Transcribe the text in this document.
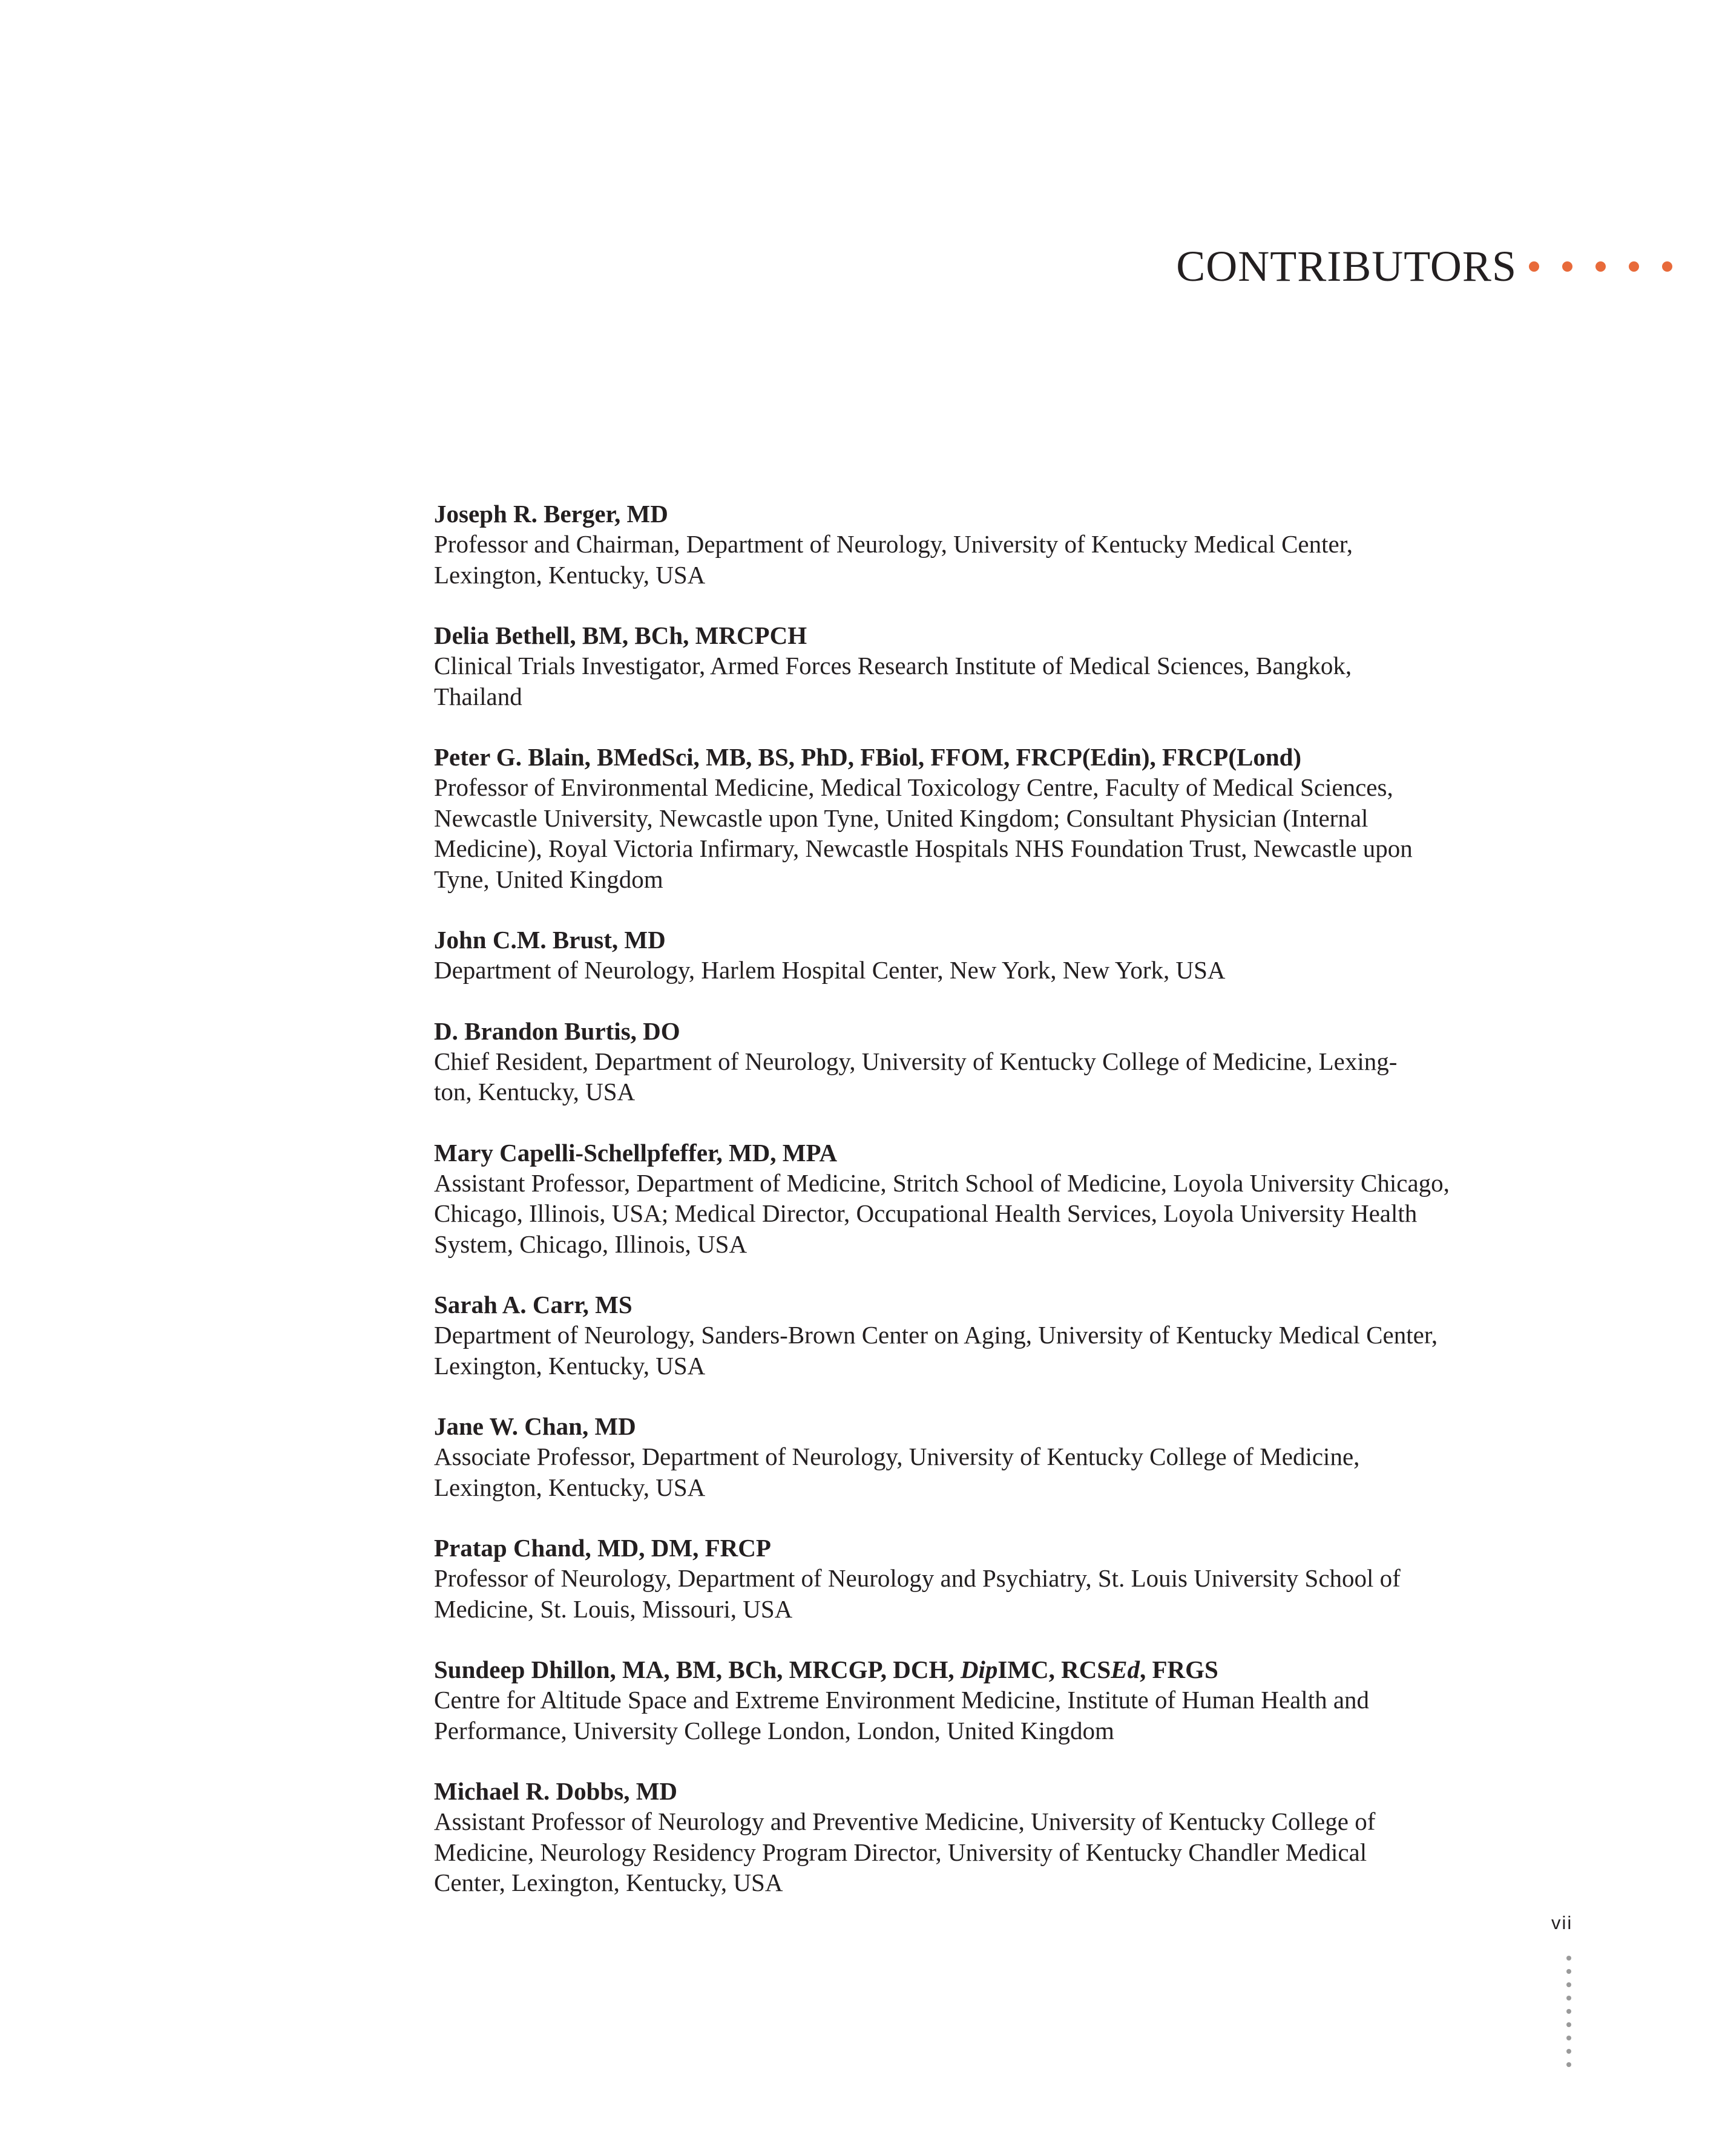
CONTRIBUTORS
Joseph R. Berger, MD
Professor and Chairman, Department of Neurology, University of Kentucky Medical Center,
Lexington, Kentucky, USA
Delia Bethell, BM, BCh, MRCPCH
Clinical Trials Investigator, Armed Forces Research Institute of Medical Sciences, Bangkok,
Thailand
Peter G. Blain, BMedSci, MB, BS, PhD, FBiol, FFOM, FRCP(Edin), FRCP(Lond)
Professor of Environmental Medicine, Medical Toxicology Centre, Faculty of Medical Sciences,
Newcastle University, Newcastle upon Tyne, United Kingdom; Consultant Physician (Internal
Medicine), Royal Victoria Infirmary, Newcastle Hospitals NHS Foundation Trust, Newcastle upon
Tyne, United Kingdom
John C.M. Brust, MD
Department of Neurology, Harlem Hospital Center, New York, New York, USA
D. Brandon Burtis, DO
Chief Resident, Department of Neurology, University of Kentucky College of Medicine, Lexing-
ton, Kentucky, USA
Mary Capelli-Schellpfeffer, MD, MPA
Assistant Professor, Department of Medicine, Stritch School of Medicine, Loyola University Chicago,
Chicago, Illinois, USA; Medical Director, Occupational Health Services, Loyola University Health
System, Chicago, Illinois, USA
Sarah A. Carr, MS
Department of Neurology, Sanders-Brown Center on Aging, University of Kentucky Medical Center,
Lexington, Kentucky, USA
Jane W. Chan, MD
Associate Professor, Department of Neurology, University of Kentucky College of Medicine,
Lexington, Kentucky, USA
Pratap Chand, MD, DM, FRCP
Professor of Neurology, Department of Neurology and Psychiatry, St. Louis University School of
Medicine, St. Louis, Missouri, USA
Sundeep Dhillon, MA, BM, BCh, MRCGP, DCH, DipIMC, RCSEd, FRGS
Centre for Altitude Space and Extreme Environment Medicine, Institute of Human Health and
Performance, University College London, London, United Kingdom
Michael R. Dobbs, MD
Assistant Professor of Neurology and Preventive Medicine, University of Kentucky College of
Medicine, Neurology Residency Program Director, University of Kentucky Chandler Medical
Center, Lexington, Kentucky, USA
vii
